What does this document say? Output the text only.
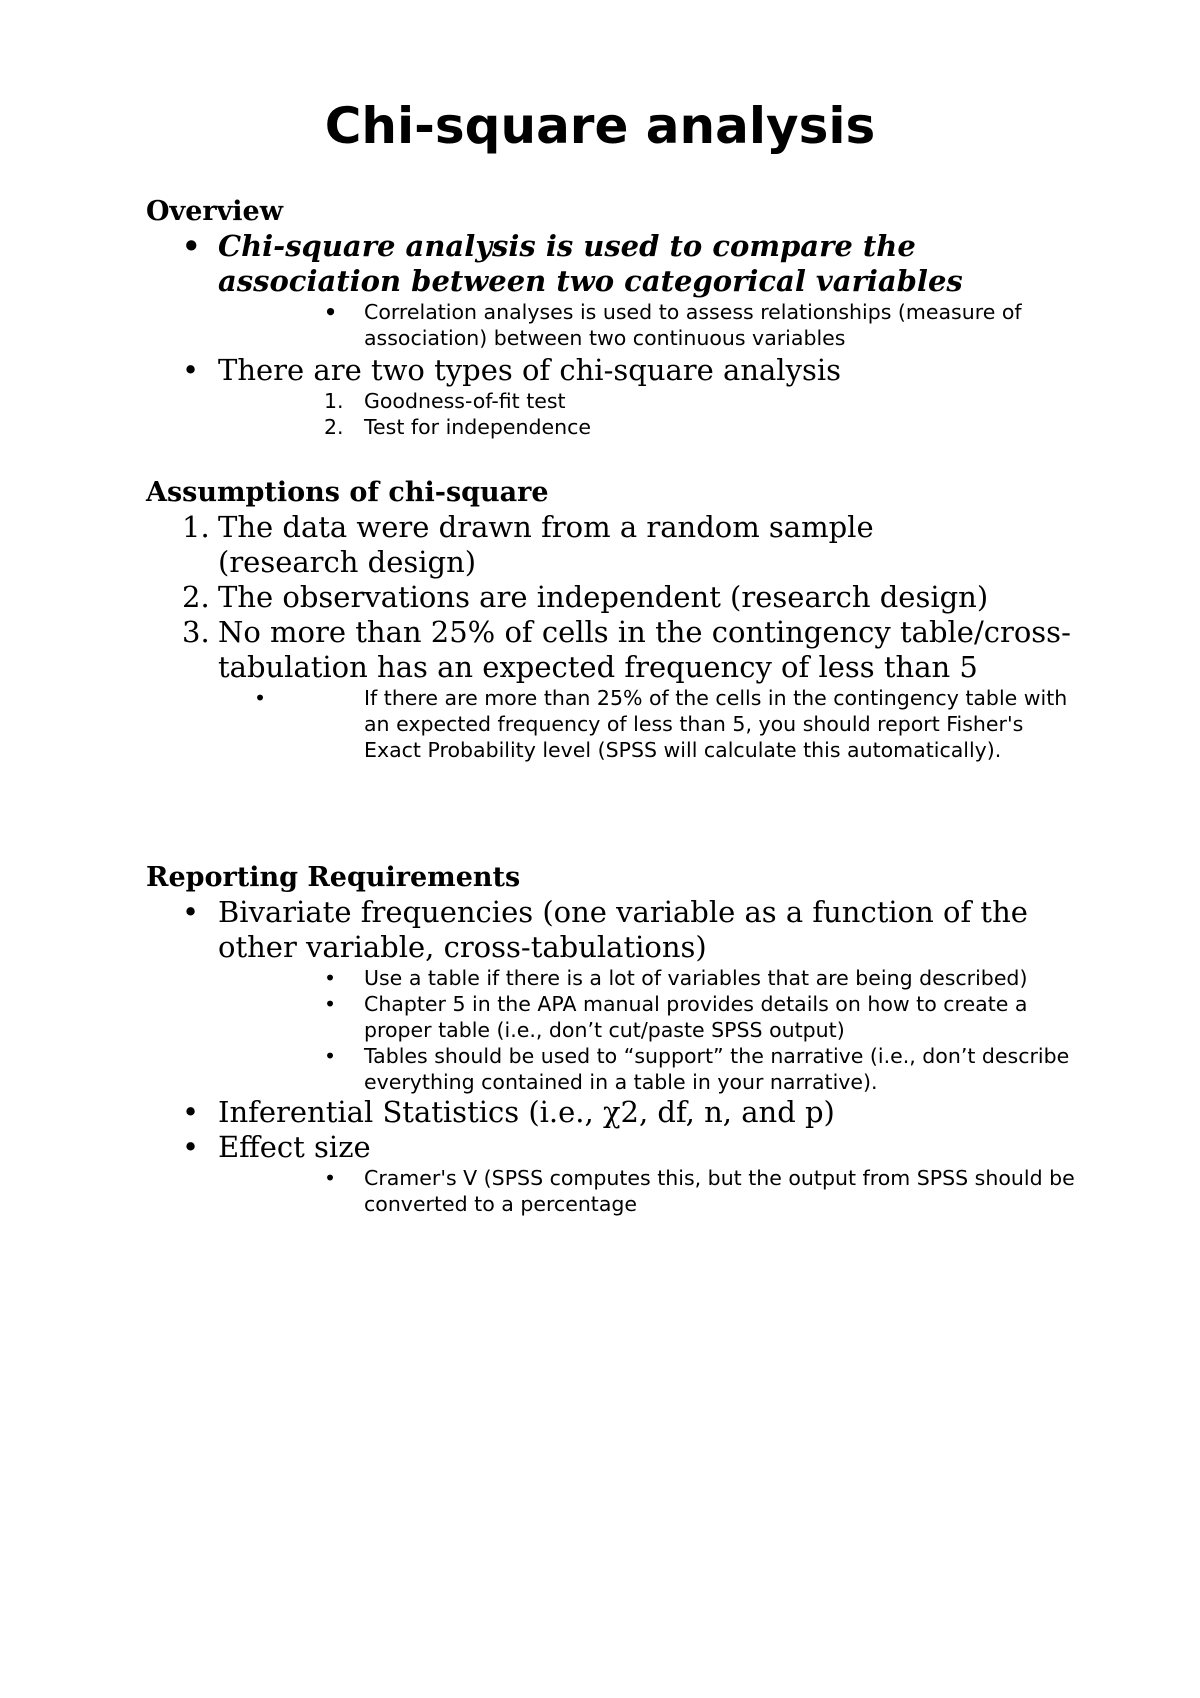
Chi-square analysis
Overview
• Chi-square analysis is used to compare the association between two categorical variables
• Correlation analyses is used to assess relationships (measure of association) between two continuous variables
• There are two types of chi-square analysis
1. Goodness-of-fit test
2. Test for independence
Assumptions of chi-square
1. The data were drawn from a random sample (research design)
2. The observations are independent (research design)
3. No more than 25% of cells in the contingency table/cross-tabulation has an expected frequency of less than 5
•	If there are more than 25% of the cells in the contingency table with an expected frequency of less than 5, you should report Fisher's Exact Probability level (SPSS will calculate this automatically).
Reporting Requirements
• Bivariate frequencies (one variable as a function of the other variable, cross-tabulations)
• Use a table if there is a lot of variables that are being described)
• Chapter 5 in the APA manual provides details on how to create a proper table (i.e., don’t cut/paste SPSS output)
• Tables should be used to “support” the narrative (i.e., don’t describe everything contained in a table in your narrative).
• Inferential Statistics (i.e., χ2, df, n, and p)
• Effect size
• Cramer's V (SPSS computes this, but the output from SPSS should be converted to a percentage
